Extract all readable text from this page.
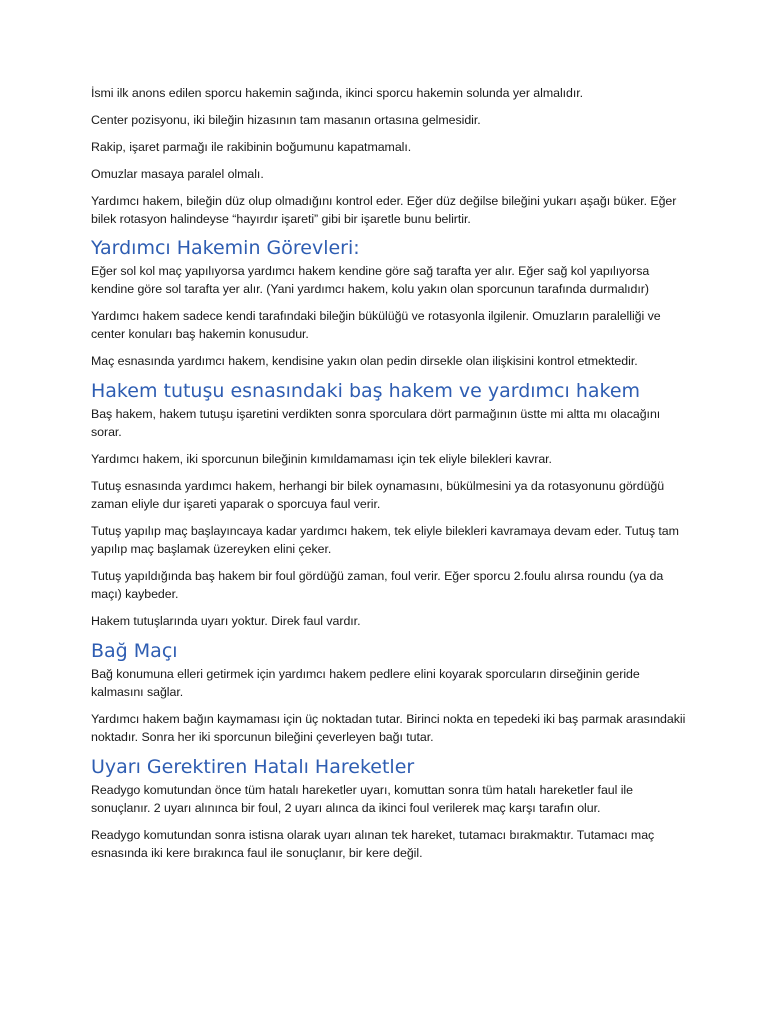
İsmi ilk anons edilen sporcu hakemin sağında, ikinci sporcu hakemin solunda yer almalıdır.

Center pozisyonu, iki bileğin hizasının tam masanın ortasına gelmesidir.

Rakip, işaret parmağı ile rakibinin boğumunu kapatmamalı.

Omuzlar masaya paralel olmalı.

Yardımcı hakem, bileğin düz olup olmadığını kontrol eder. Eğer düz değilse bileğini yukarı aşağı büker. Eğer bilek rotasyon halindeyse “hayırdır işareti” gibi bir işaretle bunu belirtir.

Yardımcı Hakemin Görevleri:

Eğer sol kol maç yapılıyorsa yardımcı hakem kendine göre sağ tarafta yer alır. Eğer sağ kol yapılıyorsa kendine göre sol tarafta yer alır. (Yani yardımcı hakem, kolu yakın olan sporcunun tarafında durmalıdır)

Yardımcı hakem sadece kendi tarafındaki bileğin bükülüğü ve rotasyonla ilgilenir. Omuzların paralelliği ve center konuları baş hakemin konusudur.

Maç esnasında yardımcı hakem, kendisine yakın olan pedin dirsekle olan ilişkisini kontrol etmektedir.

Hakem tutuşu esnasındaki baş hakem ve yardımcı hakem

Baş hakem, hakem tutuşu işaretini verdikten sonra sporculara dört parmağının üstte mi altta mı olacağını sorar.

Yardımcı hakem, iki sporcunun bileğinin kımıldamaması için tek eliyle bilekleri kavrar.

Tutuş esnasında yardımcı hakem, herhangi bir bilek oynamasını, bükülmesini ya da rotasyonunu gördüğü zaman eliyle dur işareti yaparak o sporcuya faul verir.

Tutuş yapılıp maç başlayıncaya kadar yardımcı hakem, tek eliyle bilekleri kavramaya devam eder. Tutuş tam yapılıp maç başlamak üzereyken elini çeker.

Tutuş yapıldığında baş hakem bir foul gördüğü zaman, foul verir. Eğer sporcu 2.foulu alırsa roundu (ya da maçı) kaybeder.

Hakem tutuşlarında uyarı yoktur. Direk faul vardır.

Bağ Maçı

Bağ konumuna elleri getirmek için yardımcı hakem pedlere elini koyarak sporcuların dirseğinin geride kalmasını sağlar.

Yardımcı hakem bağın kaymaması için üç noktadan tutar. Birinci nokta en tepedeki iki baş parmak arasındakii noktadır. Sonra her iki sporcunun bileğini çeverleyen bağı tutar.

Uyarı Gerektiren Hatalı Hareketler

Readygo komutundan önce tüm hatalı hareketler uyarı, komuttan sonra tüm hatalı hareketler faul ile sonuçlanır. 2 uyarı alınınca bir foul, 2 uyarı alınca da ikinci foul verilerek maç karşı tarafın olur.

Readygo komutundan sonra istisna olarak uyarı alınan tek hareket, tutamacı bırakmaktır. Tutamacı maç esnasında iki kere bırakınca faul ile sonuçlanır, bir kere değil.
